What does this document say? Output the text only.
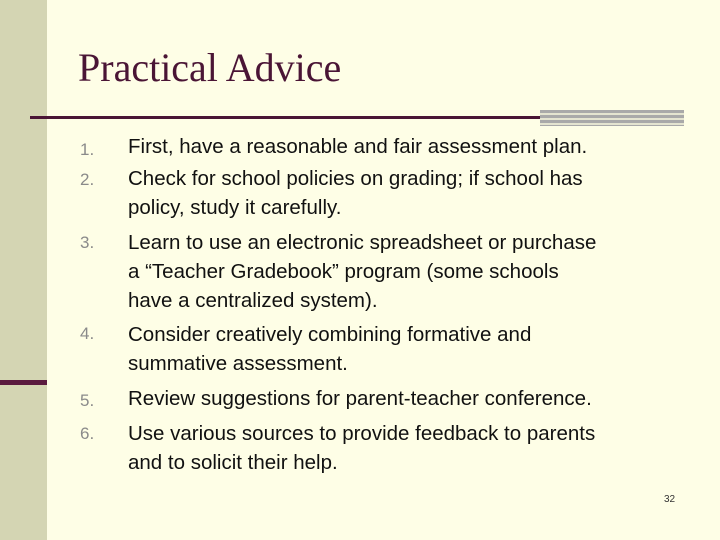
Practical Advice
1.	First, have a reasonable and fair assessment plan.
2.	Check for school policies on grading; if school has
policy, study it carefully.
3.	Learn to use an electronic spreadsheet or purchase
a “Teacher Gradebook” program (some schools
have a centralized system).
4.	Consider creatively combining formative and
summative assessment.
5.	Review suggestions for parent-teacher conference.
6.	Use various sources to provide feedback to parents
and to solicit their help.
32
